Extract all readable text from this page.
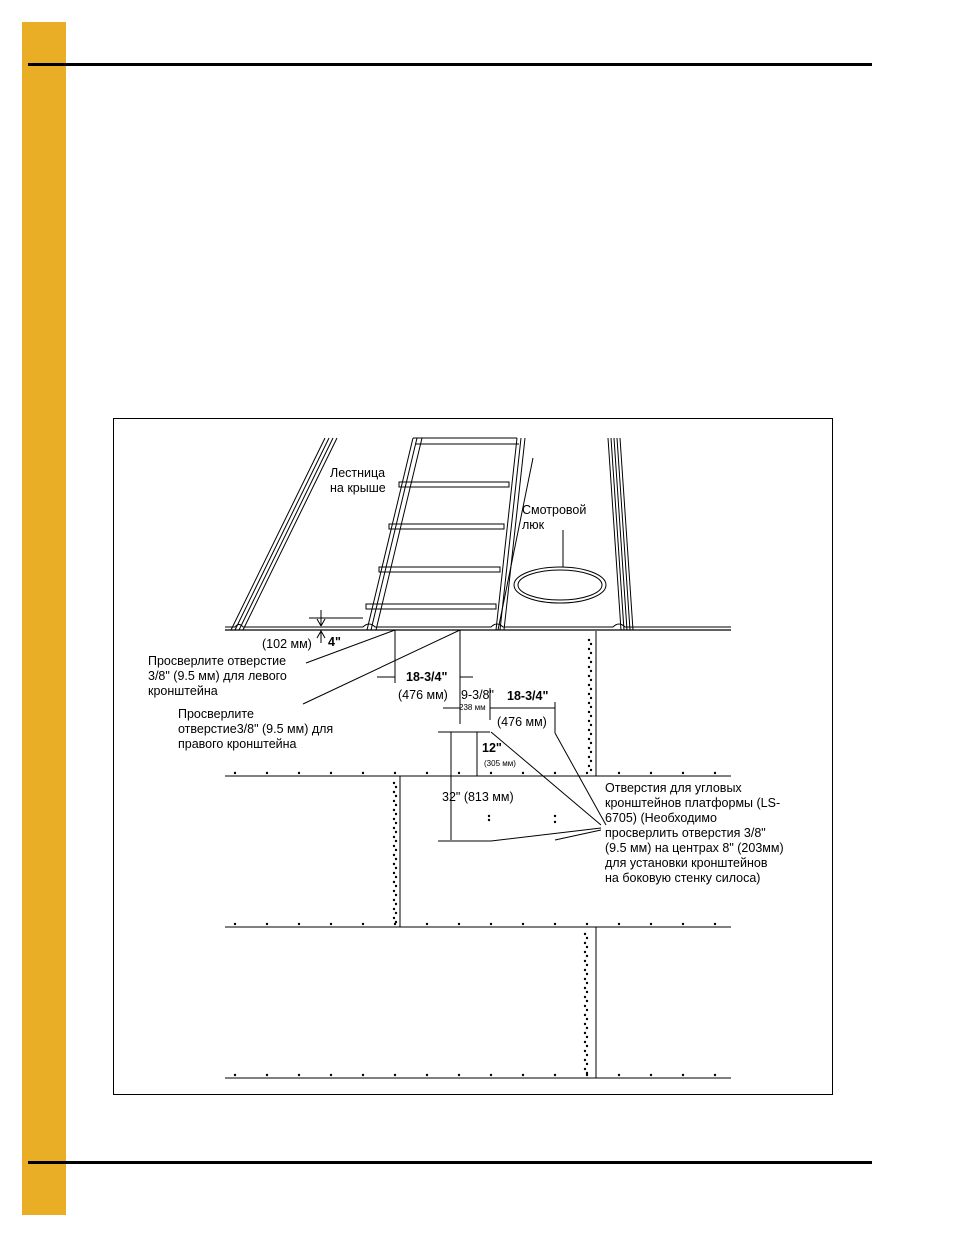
Лестница
на крыше
Смотровой
люк
(102 мм) 4"
Просверлите отверстие
3/8" (9.5 мм) для левого
кронштейна
Просверлите
отверстие3/8" (9.5 мм) для
правого кронштейна
18-3/4"
(476 мм) 9-3/8"
238 мм
18-3/4"
(476 мм)
12"
(305 мм)
32" (813 мм)
Отверстия для угловых
кронштейнов платформы (LS-
6705) (Необходимо
просверлить отверстия 3/8"
(9.5 мм) на центрах 8" (203мм)
для установки кронштейнов
на боковую стенку силоса)
